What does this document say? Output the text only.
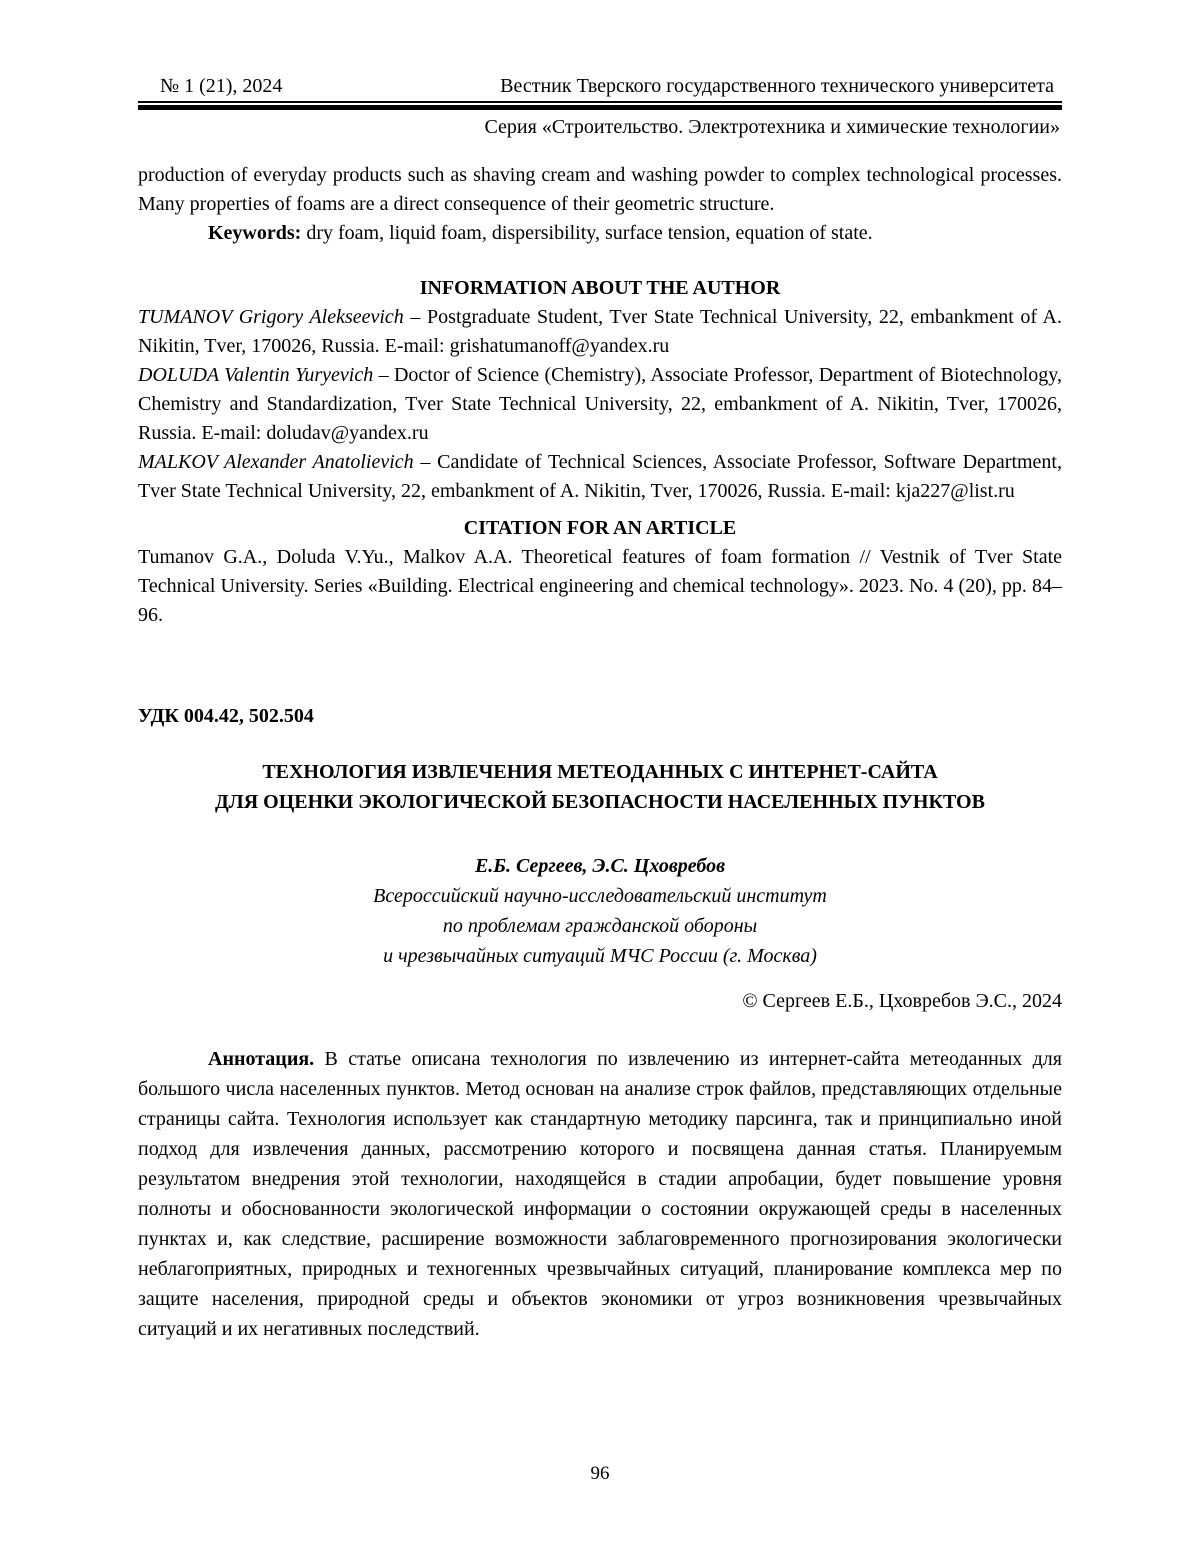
№ 1 (21), 2024	Вестник Тверского государственного технического университета
Серия «Строительство. Электротехника и химические технологии»

production of everyday products such as shaving cream and washing powder to complex technological processes. Many properties of foams are a direct consequence of their geometric structure.

Keywords: dry foam, liquid foam, dispersibility, surface tension, equation of state.

INFORMATION ABOUT THE AUTHOR

TUMANOV Grigory Alekseevich – Postgraduate Student, Tver State Technical University, 22, embankment of A. Nikitin, Tver, 170026, Russia. E-mail: grishatumanoff@yandex.ru

DOLUDA Valentin Yuryevich – Doctor of Science (Chemistry), Associate Professor, Department of Biotechnology, Chemistry and Standardization, Tver State Technical University, 22, embankment of A. Nikitin, Tver, 170026, Russia. E-mail: doludav@yandex.ru

MALKOV Alexander Anatolievich – Candidate of Technical Sciences, Associate Professor, Software Department, Tver State Technical University, 22, embankment of A. Nikitin, Tver, 170026, Russia. E-mail: kja227@list.ru

CITATION FOR AN ARTICLE

Tumanov G.A., Doluda V.Yu., Malkov A.A. Theoretical features of foam formation // Vestnik of Tver State Technical University. Series «Building. Electrical engineering and chemical technology». 2023. No. 4 (20), pp. 84–96.

УДК 004.42, 502.504

ТЕХНОЛОГИЯ ИЗВЛЕЧЕНИЯ МЕТЕОДАННЫХ С ИНТЕРНЕТ-САЙТА
ДЛЯ ОЦЕНКИ ЭКОЛОГИЧЕСКОЙ БЕЗОПАСНОСТИ НАСЕЛЕННЫХ ПУНКТОВ

Е.Б. Сергеев, Э.С. Цховребов

Всероссийский научно-исследовательский институт
по проблемам гражданской обороны
и чрезвычайных ситуаций МЧС России (г. Москва)

© Сергеев Е.Б., Цховребов Э.С., 2024

Аннотация. В статье описана технология по извлечению из интернет-сайта метеоданных для большого числа населенных пунктов. Метод основан на анализе строк файлов, представляющих отдельные страницы сайта. Технология использует как стандартную методику парсинга, так и принципиально иной подход для извлечения данных, рассмотрению которого и посвящена данная статья. Планируемым результатом внедрения этой технологии, находящейся в стадии апробации, будет повышение уровня полноты и обоснованности экологической информации о состоянии окружающей среды в населенных пунктах и, как следствие, расширение возможности заблаговременного прогнозирования экологически неблагоприятных, природных и техногенных чрезвычайных ситуаций, планирование комплекса мер по защите населения, природной среды и объектов экономики от угроз возникновения чрезвычайных ситуаций и их негативных последствий.

96
